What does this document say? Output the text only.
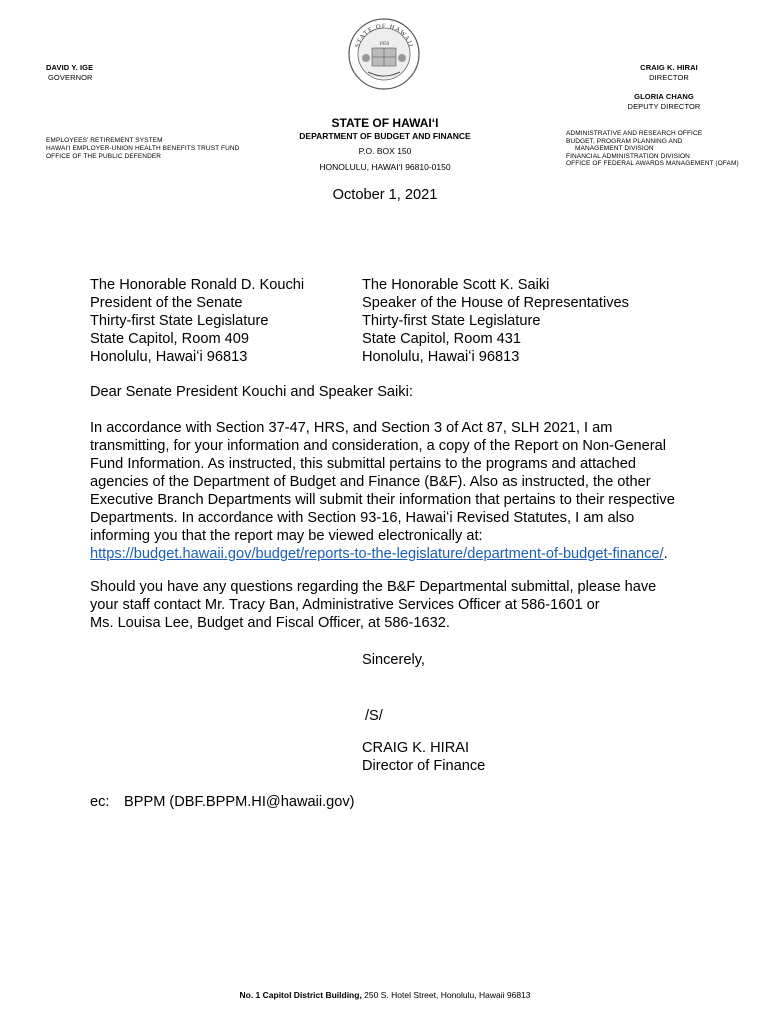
DAVID Y. IGE
GOVERNOR
STATE OF HAWAII
1959
CRAIG K. HIRAI
DIRECTOR
GLORIA CHANG
DEPUTY DIRECTOR
STATE OF HAWAIʻI
DEPARTMENT OF BUDGET AND FINANCE
P.O. BOX 150
HONOLULU, HAWAIʻI 96810-0150
EMPLOYEES' RETIREMENT SYSTEM
HAWAI'I EMPLOYER-UNION HEALTH BENEFITS TRUST FUND
OFFICE OF THE PUBLIC DEFENDER
ADMINISTRATIVE AND RESEARCH OFFICE
BUDGET, PROGRAM PLANNING AND
MANAGEMENT DIVISION
FINANCIAL ADMINISTRATION DIVISION
OFFICE OF FEDERAL AWARDS MANAGEMENT (OFAM)
October 1, 2021
The Honorable Ronald D. Kouchi
President of the Senate
Thirty-first State Legislature
State Capitol, Room 409
Honolulu, Hawaiʻi 96813
The Honorable Scott K. Saiki
Speaker of the House of Representatives
Thirty-first State Legislature
State Capitol, Room 431
Honolulu, Hawaiʻi 96813
Dear Senate President Kouchi and Speaker Saiki:
In accordance with Section 37-47, HRS, and Section 3 of Act 87, SLH 2021, I am
transmitting, for your information and consideration, a copy of the Report on Non-General
Fund Information. As instructed, this submittal pertains to the programs and attached
agencies of the Department of Budget and Finance (B&F). Also as instructed, the other
Executive Branch Departments will submit their information that pertains to their respective
Departments. In accordance with Section 93-16, Hawaiʻi Revised Statutes, I am also
informing you that the report may be viewed electronically at:
https://budget.hawaii.gov/budget/reports-to-the-legislature/department-of-budget-finance/.
Should you have any questions regarding the B&F Departmental submittal, please have
your staff contact Mr. Tracy Ban, Administrative Services Officer at 586-1601 or
Ms. Louisa Lee, Budget and Fiscal Officer, at 586-1632.
Sincerely,
/S/
CRAIG K. HIRAI
Director of Finance
ec: BPPM (DBF.BPPM.HI@hawaii.gov)
No. 1 Capitol District Building, 250 S. Hotel Street, Honolulu, Hawaii 96813
